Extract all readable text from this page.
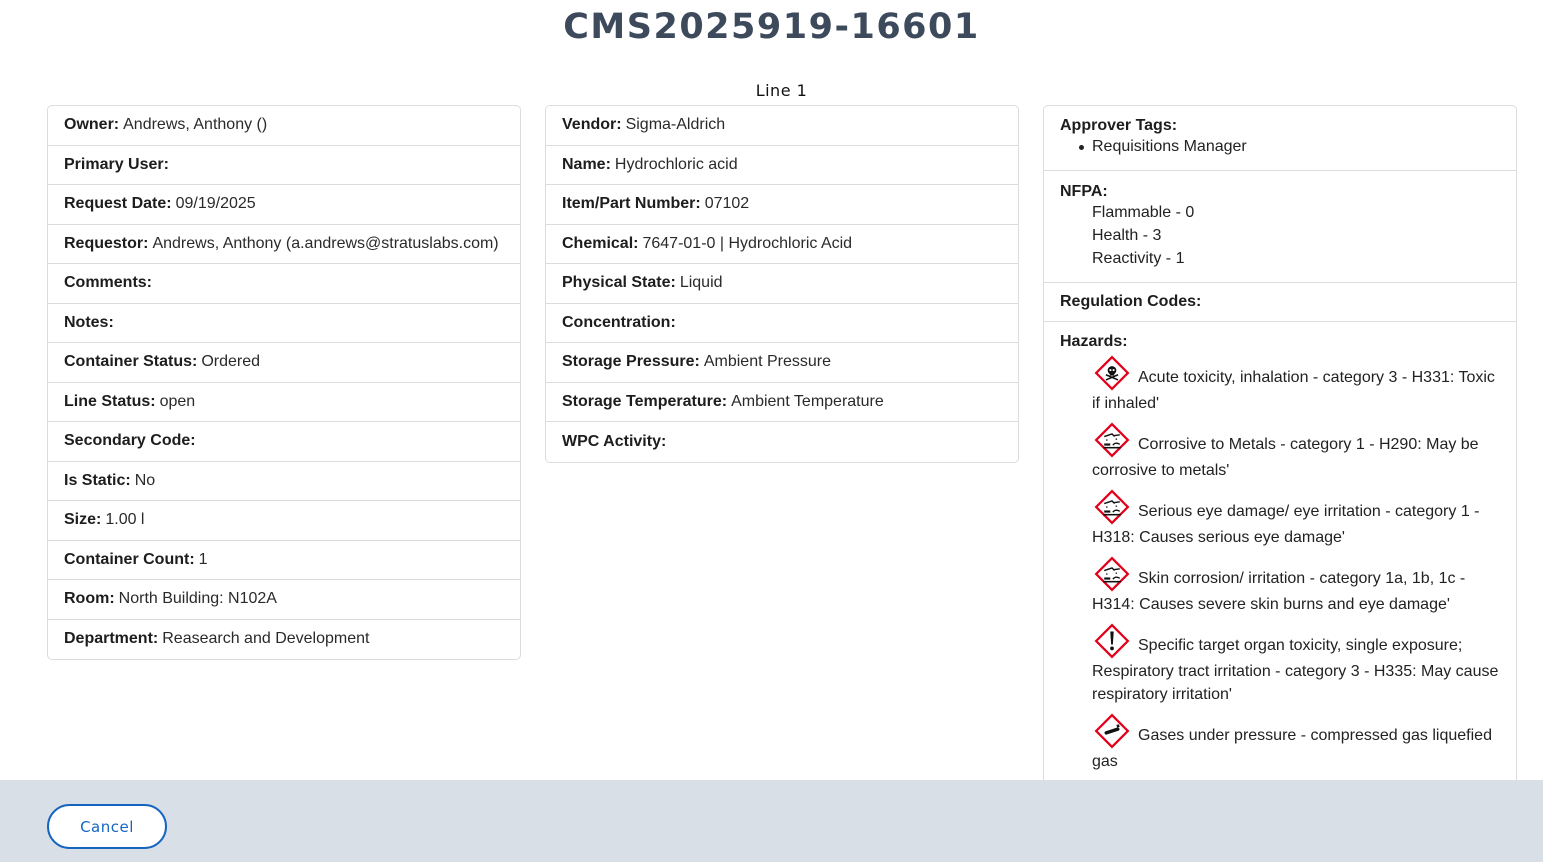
CMS2025919-16601
Line 1
Owner: Andrews, Anthony ()
Primary User:
Request Date: 09/19/2025
Requestor: Andrews, Anthony (a.andrews@stratuslabs.com)
Comments:
Notes:
Container Status: Ordered
Line Status: open
Secondary Code:
Is Static: No
Size: 1.00 l
Container Count: 1
Room: North Building: N102A
Department: Reasearch and Development
Vendor: Sigma-Aldrich
Name: Hydrochloric acid
Item/Part Number: 07102
Chemical: 7647-01-0 | Hydrochloric Acid
Physical State: Liquid
Concentration:
Storage Pressure: Ambient Pressure
Storage Temperature: Ambient Temperature
WPC Activity:
Approver Tags:
Requisitions Manager
NFPA:
Flammable - 0
Health - 3
Reactivity - 1
Regulation Codes:
Hazards:
Acute toxicity, inhalation - category 3 - H331: Toxic if inhaled'
Corrosive to Metals - category 1 - H290: May be corrosive to metals'
Serious eye damage/ eye irritation - category 1 - H318: Causes serious eye damage'
Skin corrosion/ irritation - category 1a, 1b, 1c - H314: Causes severe skin burns and eye damage'
Specific target organ toxicity, single exposure; Respiratory tract irritation - category 3 - H335: May cause respiratory irritation'
Gases under pressure - compressed gas liquefied gas
Cancel
